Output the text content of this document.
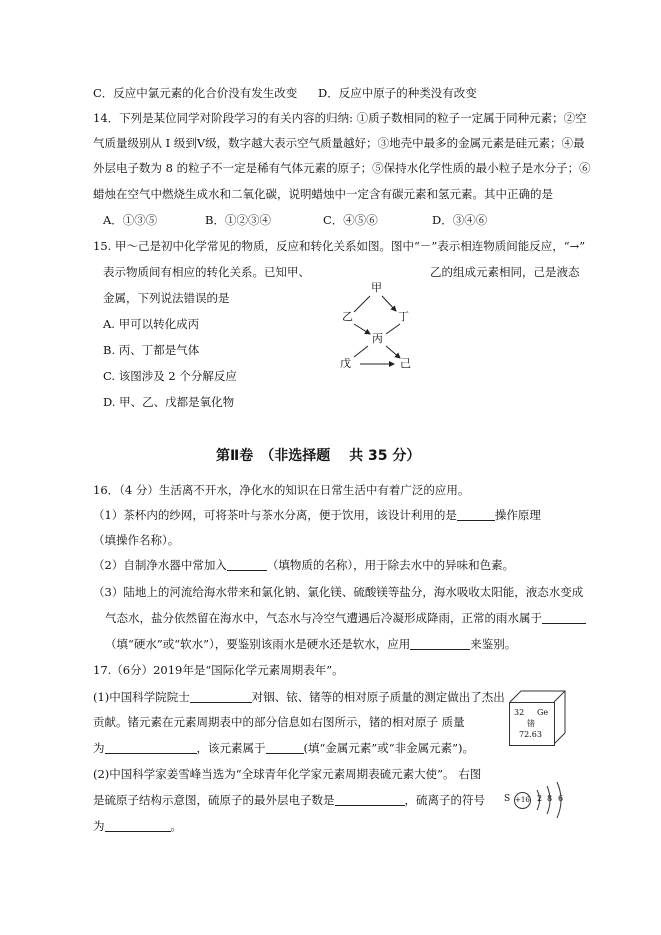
C．反应中氯元素的化合价没有发生改变 D．反应中原子的种类没有改变
14．下列是某位同学对阶段学习的有关内容的归纳: ①质子数相同的粒子一定属于同种元素；②空
气质量级别从 I 级到Ⅴ级，数字越大表示空气质量越好；③地壳中最多的金属元素是硅元素；④最
外层电子数为 8 的粒子不一定是稀有气体元素的原子；⑤保持水化学性质的最小粒子是水分子；⑥
蜡烛在空气中燃烧生成水和二氧化碳，说明蜡烛中一定含有碳元素和氢元素。其中正确的是
A．①③⑤	B．①②③④	C．④⑤⑥	D．③④⑥
15. 甲～己是初中化学常见的物质，反应和转化关系如图。图中“－”表示相连物质间能反应，“→”
表示物质间有相应的转化关系。已知甲、	乙的组成元素相同，己是液态
金属，下列说法错误的是
A. 甲可以转化成丙
B. 丙、丁都是气体
C. 该图涉及 2 个分解反应
D. 甲、乙、戊都是氧化物
甲
乙	丁
丙
戊	己
第Ⅱ卷　（非选择题　 共 35 分）
16．（4 分）生活离不开水，净化水的知识在日常生活中有着广泛的应用。
（1）茶杯内的纱网，可将茶叶与茶水分离，便于饮用，该设计利用的是	操作原理
（填操作名称）。
（2）自制净水器中常加入	（填物质的名称），用于除去水中的异味和色素。
（3）陆地上的河流给海水带来和氯化钠、氯化镁、硫酸镁等盐分，海水吸收太阳能，液态水变成
气态水，盐分依然留在海水中，气态水与冷空气遭遇后冷凝形成降雨，正常的雨水属于
（填“硬水”或“软水”），要鉴别该雨水是硬水还是软水，应用	来鉴别。
17.（6分）2019年是“国际化学元素周期表年”。
(1)中国科学院院士	对铟、铱、锗等的相对原子质量的测定做出了杰出
贡献。锗元素在元素周期表中的部分信息如右图所示，锗的相对原子 质量
为	，该元素属于	(填“金属元素”或“非金属元素”)。
(2)中国科学家姜雪峰当选为“全球青年化学家元素周期表硫元素大使”。 右图
是硫原子结构示意图，硫原子的最外层电子数是	，硫离子的符号
为	。
32 Ge
锗
72.63
S +16 2 8 6
